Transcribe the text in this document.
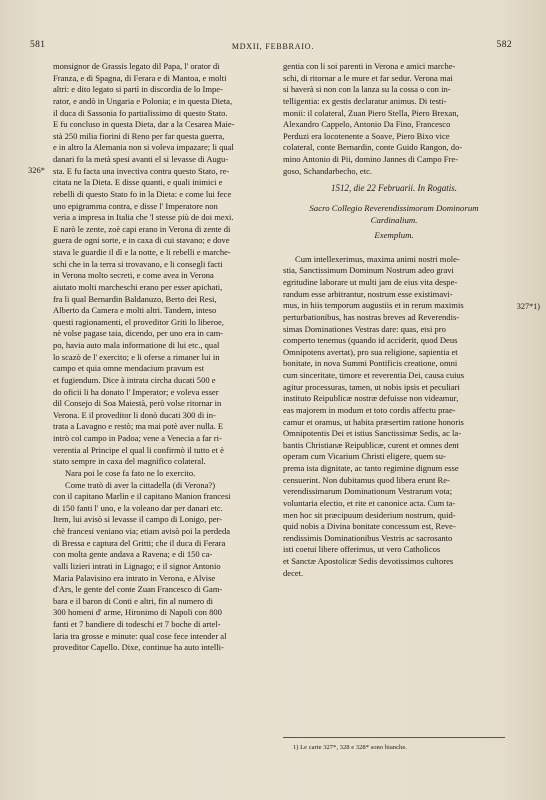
581	MDXII, FEBBRAIO.	582
326*
327*1)
monsignor de Grassis legato dil Papa, l' orator di
Franza, e di Spagna, di Ferara e di Mantoa, e molti
altri: e dito legato si partì in discordia de lo Impe-
rator, e andò in Ungaria e Polonia; e in questa Dieta,
il duca di Sassonia fo partialissimo di questo Stato.
E fu concluso in questa Dieta, dar a la Cesarea Maie-
stà 250 milia fiorini di Reno per far questa guerra,
e in altro la Alemania non si voleva impazare; li qual
danari fo la metà spesi avanti el si levasse di Augu-
sta. E fu facta una invectiva contra questo Stato, re-
citata ne la Dieta. E disse quanti, e quali inimici e
rebelli di questo Stato fo in la Dieta: e come lui fece
uno epigramma contra, e disse l' Imperatore non
veria a impresa in Italia che 'l stesse più de doi mexi.
E narò le zente, zoè capi erano in Verona di zente di
guera de ogni sorte, e in caxa di cui stavano; e dove
stava le guardie il dì e la notte, e li rebelli e marche-
schi che in la terra si trovavano, e li consegli facti
in Verona molto secreti, e come avea in Verona
aiutato molti marcheschi erano per esser apichati,
fra li qual Bernardin Baldanuzo, Berto dei Resi,
Alberto da Camera e molti altri. Tandem, inteso
questi ragionamenti, el proveditor Griti lo liberoe,
nè volse pagase taia, dicendo, per uno era in cam-
po, havia auto mala informatione di lui etc., qual
lo scazò de l' exercito; e li oferse a rimaner lui in
campo et quia omne mendacium pravum est
et fugiendum. Dice à intrata circha ducati 500 e
do oficii li ha donato l' Imperator; e voleva esser
dil Consejo di Soa Maiestà, però volse ritornar in
Verona. E il proveditor li donò ducati 300 di in-
trata a Lavagno e restò; ma mai potè aver nulla. E
intrò col campo in Padoa; vene a Venecia a far ri-
verentia al Principe el qual li confirmò il tutto et è
stato sempre in caxa del magnifico colateral.
Nara poi le cose fa fato ne lo exercito.
Come tratò di aver la cittadella (di Verona?)
con il capitano Marlin e il capitano Manion francesi
di 150 fanti l' uno, e la voleano dar per danari etc.
Item, lui avisò si levasse il campo di Lonigo, per-
chè francesi veniano via; etiam avisò poi la perdeda
di Bressa e captura del Gritti; che il duca di Ferara
con molta gente andava a Ravena; e di 150 ca-
valli lizieri intrati in Lignago; e il signor Antonio
Maria Palavisino era intrato in Verona, e Alvise
d'Ars, le gente del conte Zuan Francesco di Gam-
bara e il baron di Conti e altri, fin al numero di
300 homeni d' arme, Hironimo di Napoli con 800
fanti et 7 bandiere di todeschi et 7 boche di artel-
laria tra grosse e minute: qual cose fece intender al
proveditor Capello. Dixe, continue ha auto intelli-
gentia con li soi parenti in Verona e amici marche-
schi, di ritornar a le mure et far sedur. Verona mai
si haverà si non con la lanza su la cossa o con in-
telligentia: ex gestis declaratur animus. Di testi-
monii: il colateral, Zuan Piero Stella, Piero Brexan,
Alexandro Cappelo, Antonio Da Fino, Francesco
Perduzi era locotenente a Soave, Piero Bixo vice
colateral, conte Bernardin, conte Guido Rangon, do-
mino Antonio di Pii, domino Jannes di Campo Fre-
goso, Schandarbecho, etc.

1512, die 22 Februarii. In Rogatis.

Sacro Collegio Reverendissimorum Dominorum

Cardinalium.

Exemplum.

Cum intellexerimus, maxima animi nostri mole-
stia, Sanctissimum Dominum Nostrum adeo gravi
egritudine laborare ut multi jam de eius vita despe-
randum esse arbitrantur, nostrum esse existimavi-
mus, in hiis temporum augustiis et in rerum maximis
perturbationibus, has nostras breves ad Reverendis-
simas Dominationes Vestras dare: quas, etsi pro
comperto tenemus (quando id acciderit, quod Deus
Omnipotens avertat), pro sua religione, sapientia et
bonitate, in nova Summi Pontificis creatione, omni
cum sinceritate, timore et reverentia Dei, causa cuius
agitur processuras, tamen, ut nobis ipsis et peculiari
instituto Reipublicæ nostræ defuisse non videamur,
eas majorem in modum et toto cordis affectu prae-
camur et oramus, ut habita præsertim ratione honoris
Omnipotentis Dei et istius Sanctissimæ Sedis, ac la-
bantis Christianæ Reipublicæ, curent et omnes dent
operam cum Vicarium Christi eligere, quem su-
prema ista dignitate, ac tanto regimine dignum esse
censuerint. Non dubitamus quod libera erunt Re-
verendissimarum Dominationum Vestrarum vota;
voluntaria electio, et rite et canonice acta. Cum ta-
men hoc sit præcipuum desiderium nostrum, quid-
quid nobis a Divina bonitate concessum est, Reve-
rendissimis Dominationibus Vestris ac sacrosanto
isti coetui libere offerimus, ut vero Catholicos
et Sanctæ Apostolicæ Sedis devotissimos cultores
decet.
1) Le carte 327*, 328 e 328* sono bianche.
